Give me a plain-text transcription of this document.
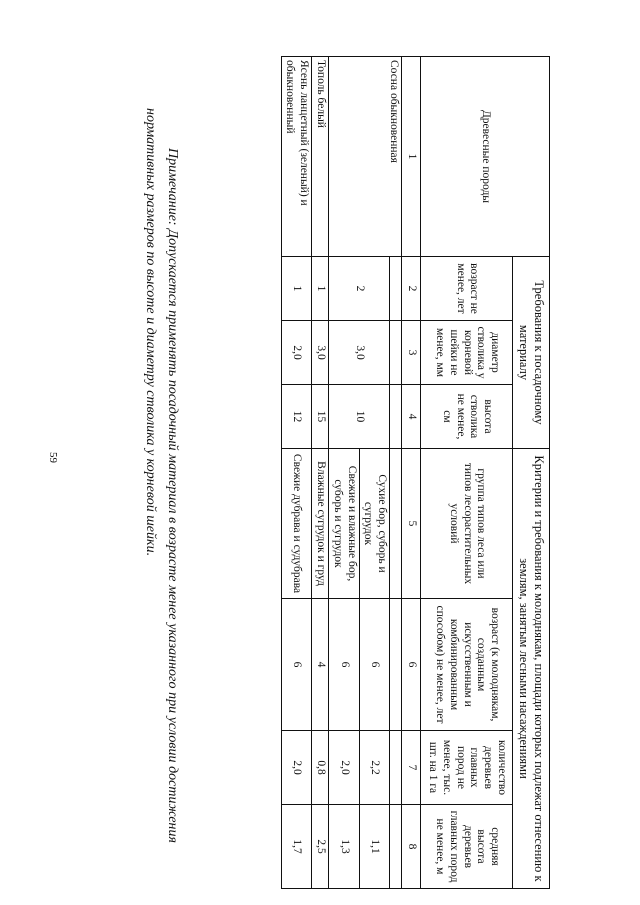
Древесные породы	Требования к посадочному материалу			Критерии и требования к молоднякам, площади которых подлежат отнесению к землям, занятым лесными насаждениями			
	возраст не менее, лет	диаметр стволика у корневой шейки не менее, мм	высота стволика не менее, см	группа типов леса или типов лесорастительных условий	возраст (к молоднякам, созданным искусственным и комбинированным способом) не менее, лет	количество деревьев главных пород не менее, тыс. шт. на 1 га	средняя высота деревьев главных пород не менее, м
1	2	3	4	5	6	7	8
Сосна обыкновенная							
	2	3,0	10	Сухие бор, суборь и сугрудок	6	2,2	1,1
				Свежие и влажные бор, суборь и сугрудок	6	2,0	1,3
Тополь белый	1	3,0	15	Влажные сугрудок и груд	4	0,8	2,5
Ясень ланцетный (зеленый) и обыкновенный	1	2,0	12	Свежие дубрава и судубрава	6	2,0	1,7

Примечание: Допускается применять посадочный материал в возрасте менее указанного при условии достижения нормативных размеров по высоте и диаметру стволика у корневой шейки.

59
